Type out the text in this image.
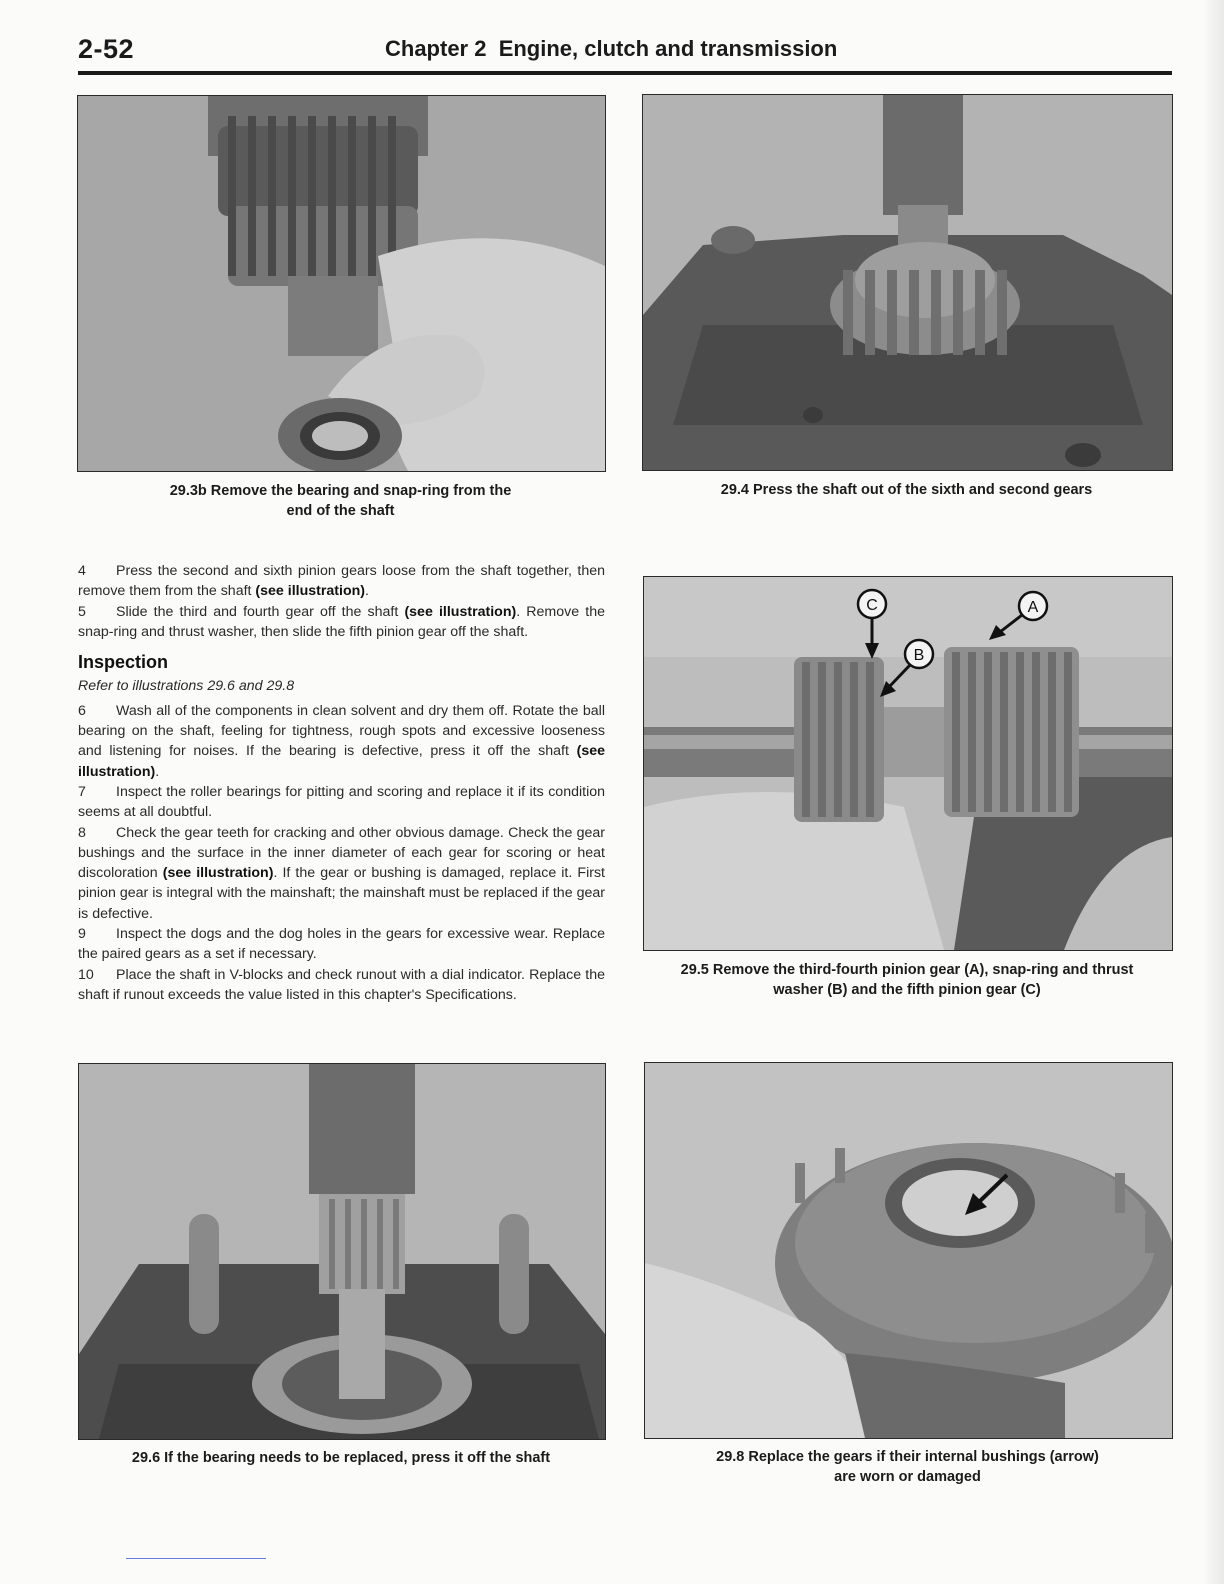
2-52	Chapter 2  Engine, clutch and transmission
29.3b Remove the bearing and snap-ring from the
end of the shaft
29.4 Press the shaft out of the sixth and second gears

4 Press the second and sixth pinion gears loose from the shaft together, then remove them from the shaft (see illustration).

5 Slide the third and fourth gear off the shaft (see illustration). Remove the snap-ring and thrust washer, then slide the fifth pinion gear off the shaft.

Inspection
Refer to illustrations 29.6 and 29.8

6 Wash all of the components in clean solvent and dry them off. Rotate the ball bearing on the shaft, feeling for tightness, rough spots and excessive looseness and listening for noises. If the bearing is defective, press it off the shaft (see illustration).

7 Inspect the roller bearings for pitting and scoring and replace it if its condition seems at all doubtful.

8 Check the gear teeth for cracking and other obvious damage. Check the gear bushings and the surface in the inner diameter of each gear for scoring or heat discoloration (see illustration). If the gear or bushing is damaged, replace it. First pinion gear is integral with the mainshaft; the mainshaft must be replaced if the gear is defective.

9 Inspect the dogs and the dog holes in the gears for excessive wear. Replace the paired gears as a set if necessary.

10 Place the shaft in V-blocks and check runout with a dial indicator. Replace the shaft if runout exceeds the value listed in this chapter's Specifications.

C
B
A
29.5 Remove the third-fourth pinion gear (A), snap-ring and thrust
washer (B) and the fifth pinion gear (C)
29.6 If the bearing needs to be replaced, press it off the shaft	29.8 Replace the gears if their internal bushings (arrow)
are worn or damaged
